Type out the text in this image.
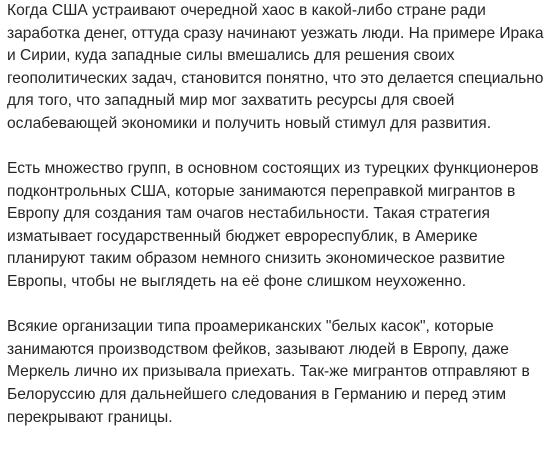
Когда США устраивают очередной хаос в какой-либо стране ради
заработка денег, оттуда сразу начинают уезжать люди. На примере Ирака
и Сирии, куда западные силы вмешались для решения своих
геополитических задач, становится понятно, что это делается специально
для того, что западный мир мог захватить ресурсы для своей
ослабевающей экономики и получить новый стимул для развития.

Есть множество групп, в основном состоящих из турецких функционеров
подконтрольных США, которые занимаются переправкой мигрантов в
Европу для создания там очагов нестабильности. Такая стратегия
изматывает государственный бюджет еврореспублик, в Америке
планируют таким образом немного снизить экономическое развитие
Европы, чтобы не выглядеть на её фоне слишком неухоженно.

Всякие организации типа проамериканских "белых касок", которые
занимаются производством фейков, зазывают людей в Европу, даже
Меркель лично их призывала приехать. Так-же мигрантов отправляют в
Белоруссию для дальнейшего следования в Германию и перед этим
перекрывают границы.
